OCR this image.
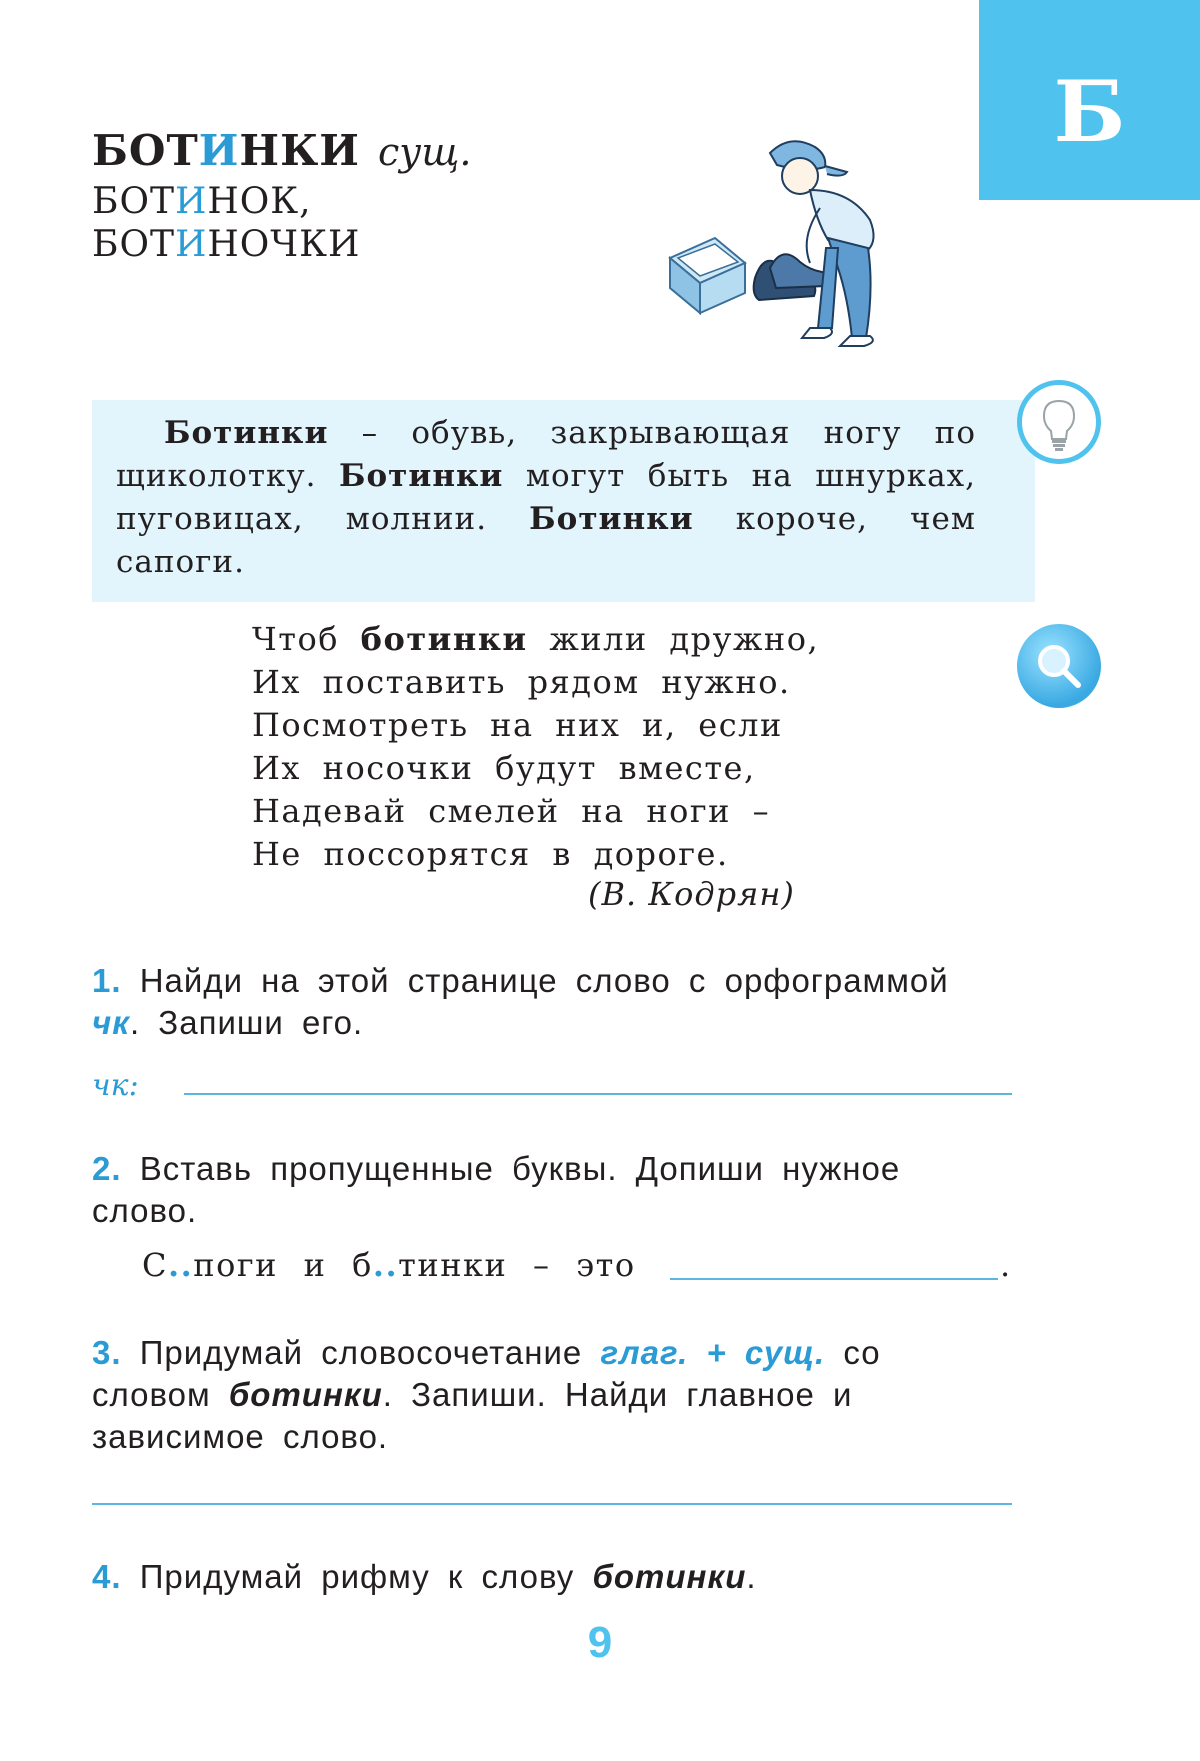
Б
БОТИНКИ сущ.
БОТИНОК,
БОТИНОЧКИ
Ботинки – обувь, закрывающая ногу по щиколотку. Ботинки могут быть на шнурках, пуговицах, молнии. Ботинки короче, чем сапоги.
Чтоб ботинки жили дружно,
Их поставить рядом нужно.
Посмотреть на них и, если
Их носочки будут вместе,
Надевай смелей на ноги –
Не поссорятся в дороге.
(В. Кодрян)
1. Найди на этой странице слово с орфограммой чк. Запиши его.
чк:
2. Вставь пропущенные буквы. Допиши нужное слово.
С..поги и б..тинки – это	.
3. Придумай словосочетание глаг. + сущ. со словом ботинки. Запиши. Найди главное и зависимое слово.
4. Придумай рифму к слову ботинки.
9
